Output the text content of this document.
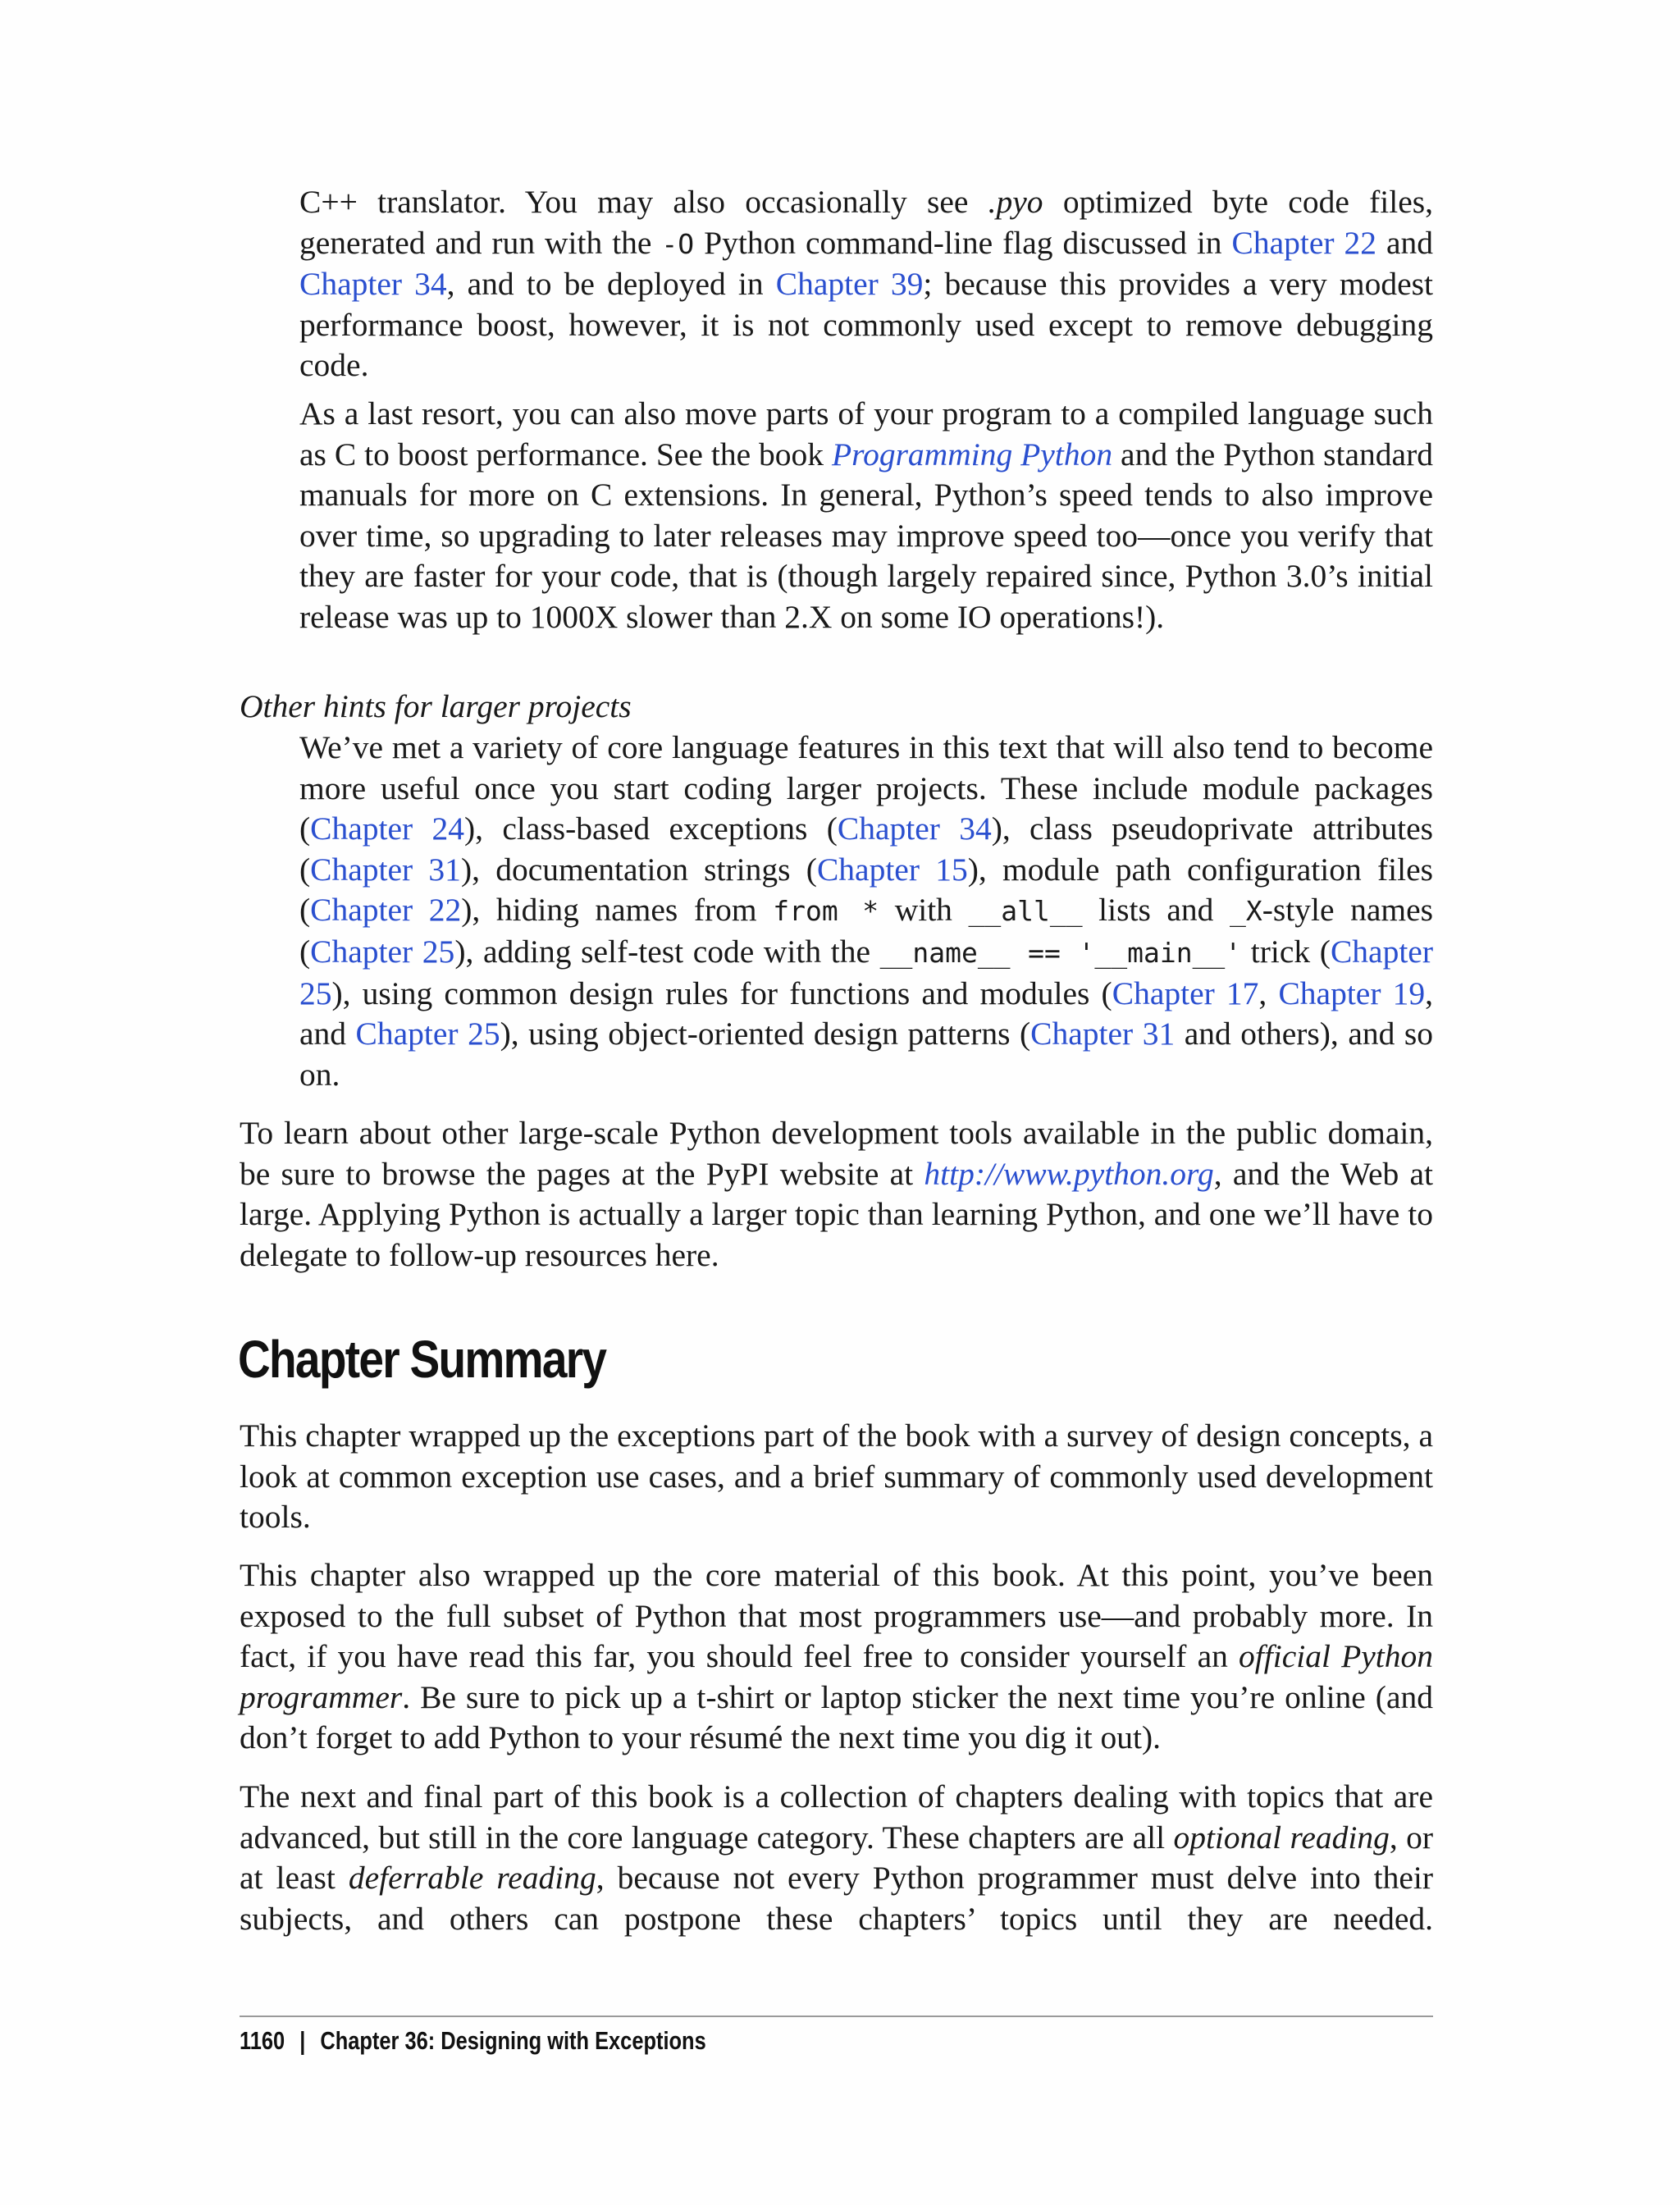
C++ translator. You may also occasionally see .pyo optimized byte code files, generated and run with the -O Python command-line flag discussed in Chapter 22 and Chapter 34, and to be deployed in Chapter 39; because this provides a very modest performance boost, however, it is not commonly used except to remove debugging code.

As a last resort, you can also move parts of your program to a compiled language such as C to boost performance. See the book Programming Python and the Python standard manuals for more on C extensions. In general, Python’s speed tends to also improve over time, so upgrading to later releases may improve speed too—once you verify that they are faster for your code, that is (though largely repaired since, Python 3.0’s initial release was up to 1000X slower than 2.X on some IO operations!).

Other hints for larger projects

We’ve met a variety of core language features in this text that will also tend to become more useful once you start coding larger projects. These include module packages (Chapter 24), class-based exceptions (Chapter 34), class pseudoprivate attributes (Chapter 31), documentation strings (Chapter 15), module path configuration files (Chapter 22), hiding names from from * with __all__ lists and _X-style names (Chapter 25), adding self-test code with the __name__ == '__main__' trick (Chapter 25), using common design rules for functions and modules (Chapter 17, Chapter 19, and Chapter 25), using object-oriented design patterns (Chapter 31 and others), and so on.

To learn about other large-scale Python development tools available in the public domain, be sure to browse the pages at the PyPI website at http://www.python.org, and the Web at large. Applying Python is actually a larger topic than learning Python, and one we’ll have to delegate to follow-up resources here.

Chapter Summary

This chapter wrapped up the exceptions part of the book with a survey of design concepts, a look at common exception use cases, and a brief summary of commonly used development tools.

This chapter also wrapped up the core material of this book. At this point, you’ve been exposed to the full subset of Python that most programmers use—and probably more. In fact, if you have read this far, you should feel free to consider yourself an official Python programmer. Be sure to pick up a t-shirt or laptop sticker the next time you’re online (and don’t forget to add Python to your résumé the next time you dig it out).

The next and final part of this book is a collection of chapters dealing with topics that are advanced, but still in the core language category. These chapters are all optional reading, or at least deferrable reading, because not every Python programmer must delve into their subjects, and others can postpone these chapters’ topics until they are needed.

1160 | Chapter 36: Designing with Exceptions
